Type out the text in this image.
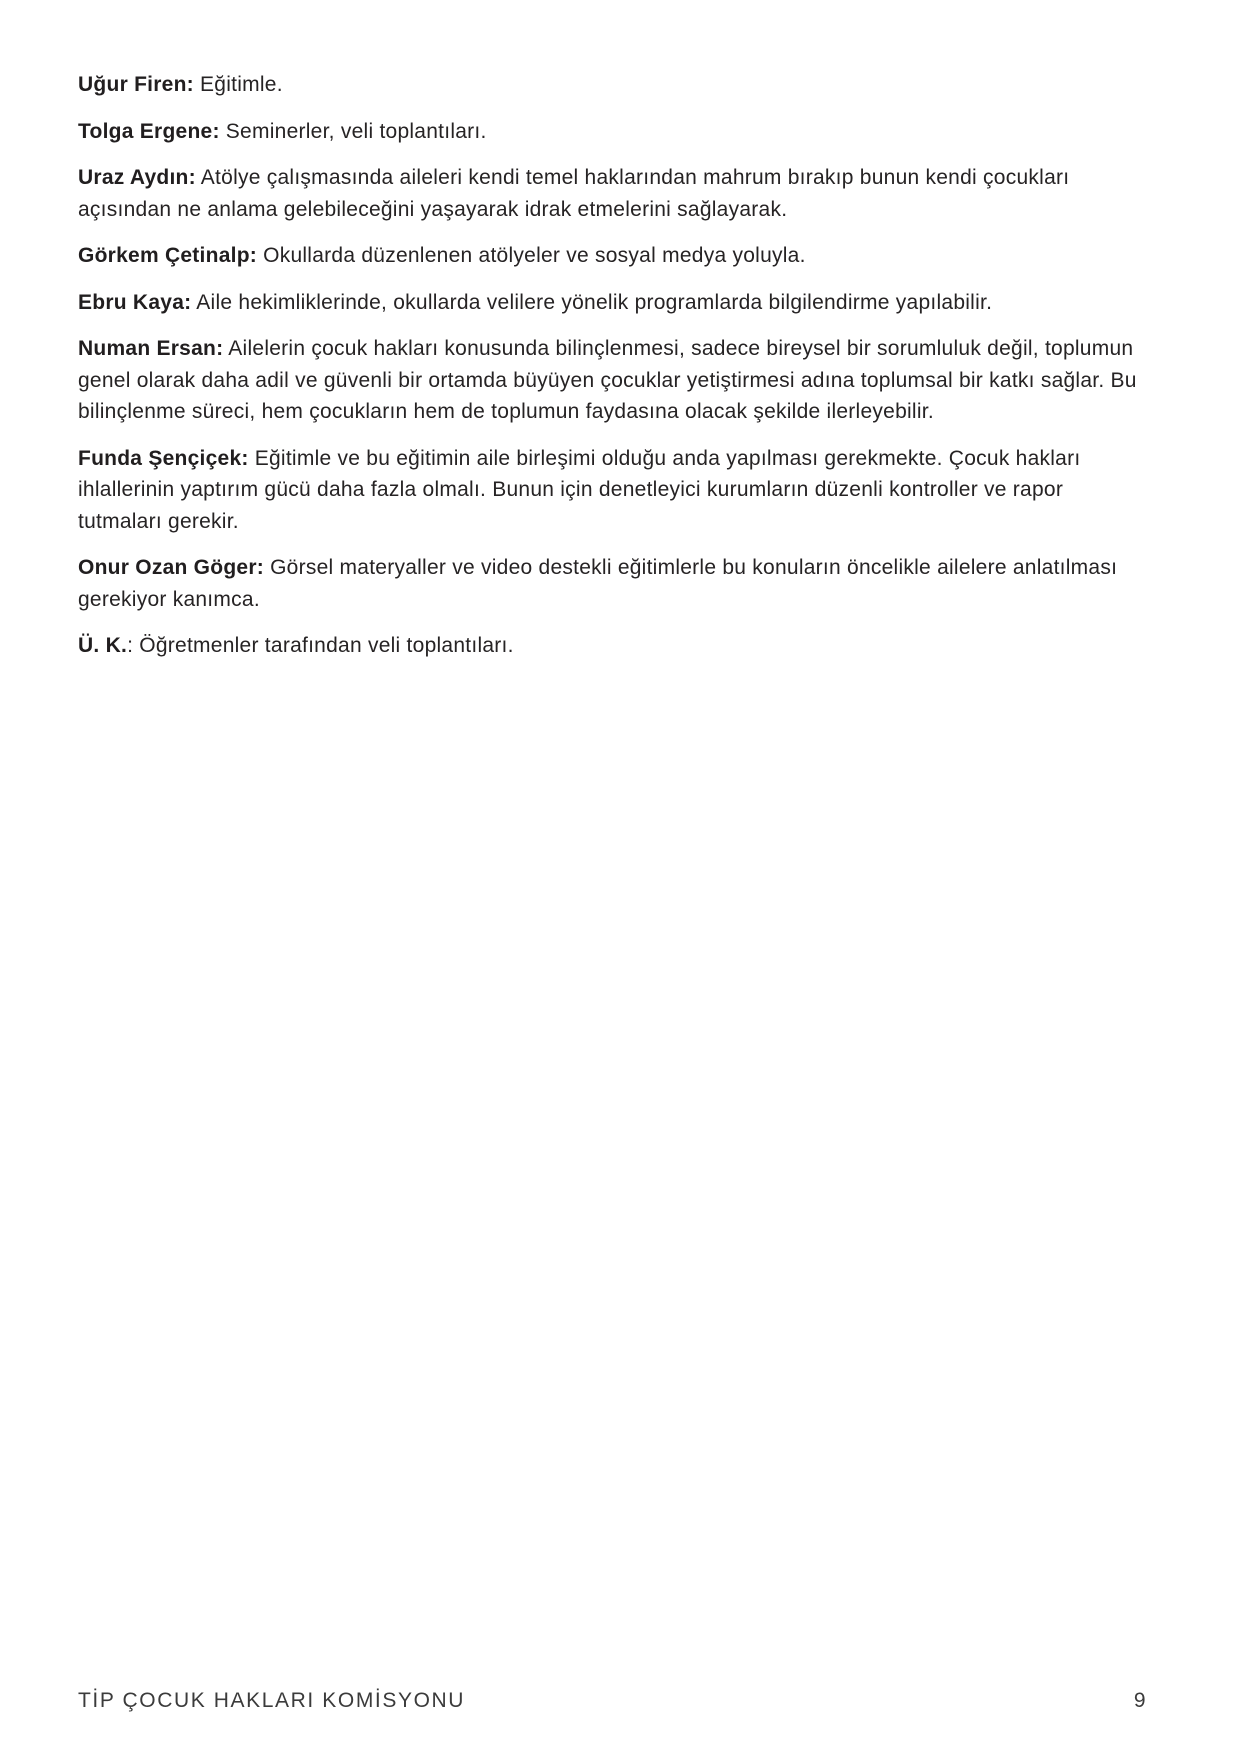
Uğur Firen: Eğitimle.

Tolga Ergene: Seminerler, veli toplantıları.

Uraz Aydın: Atölye çalışmasında aileleri kendi temel haklarından mahrum bırakıp bunun kendi çocukları açısından ne anlama gelebileceğini yaşayarak idrak etmelerini sağlayarak.

Görkem Çetinalp: Okullarda düzenlenen atölyeler ve sosyal medya yoluyla.

Ebru Kaya: Aile hekimliklerinde, okullarda velilere yönelik programlarda bilgilendirme yapılabilir.

Numan Ersan: Ailelerin çocuk hakları konusunda bilinçlenmesi, sadece bireysel bir sorumluluk değil, toplumun genel olarak daha adil ve güvenli bir ortamda büyüyen çocuklar yetiştirmesi adına toplumsal bir katkı sağlar. Bu bilinçlenme süreci, hem çocukların hem de toplumun faydasına olacak şekilde ilerleyebilir.

Funda Şençiçek: Eğitimle ve bu eğitimin aile birleşimi olduğu anda yapılması gerekmekte. Çocuk hakları ihlallerinin yaptırım gücü daha fazla olmalı. Bunun için denetleyici kurumların düzenli kontroller ve rapor tutmaları gerekir.

Onur Ozan Göger: Görsel materyaller ve video destekli eğitimlerle bu konuların öncelikle ailelere anlatılması gerekiyor kanımca.

Ü. K.: Öğretmenler tarafından veli toplantıları.

TİP ÇOCUK HAKLARI KOMİSYONU	9
